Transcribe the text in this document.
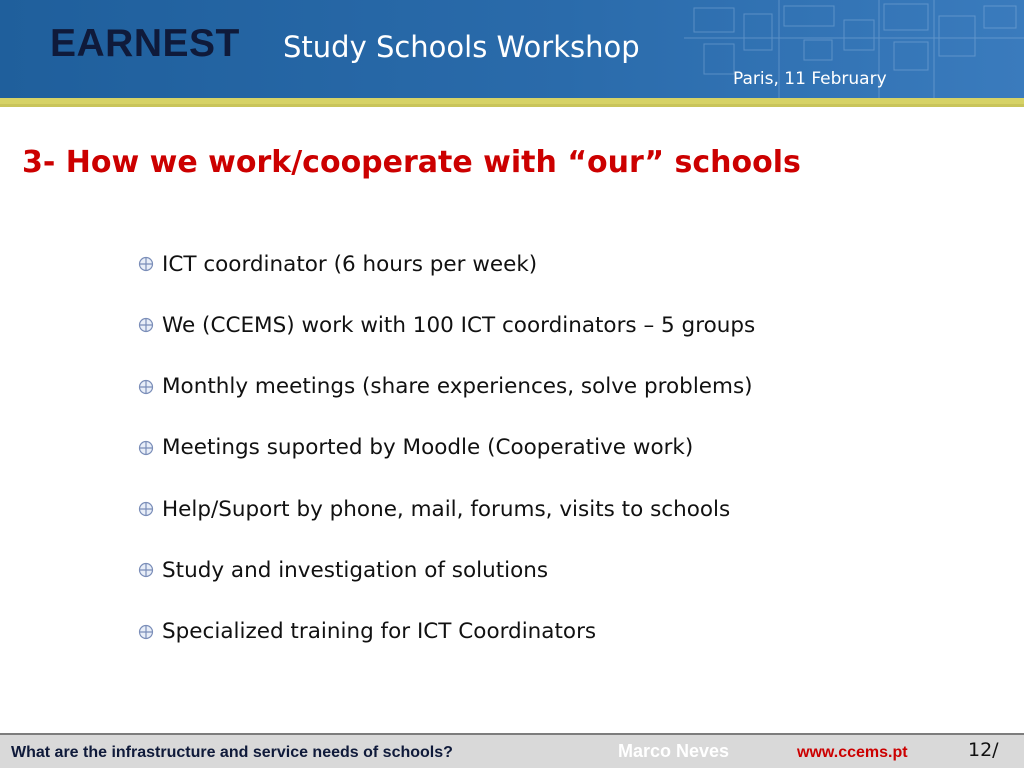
EARNEST Study Schools Workshop
Paris, 11 February
3- How we work/cooperate with “our” schools
ICT coordinator (6 hours per week)
We (CCEMS) work with 100 ICT coordinators – 5 groups
Monthly meetings (share experiences, solve problems)
Meetings suported by Moodle (Cooperative work)
Help/Suport by phone, mail, forums, visits to schools
Study and investigation of solutions
Specialized training for ICT Coordinators
What are the infrastructure and service needs of schools?	Marco Neves	www.ccems.pt	12/
